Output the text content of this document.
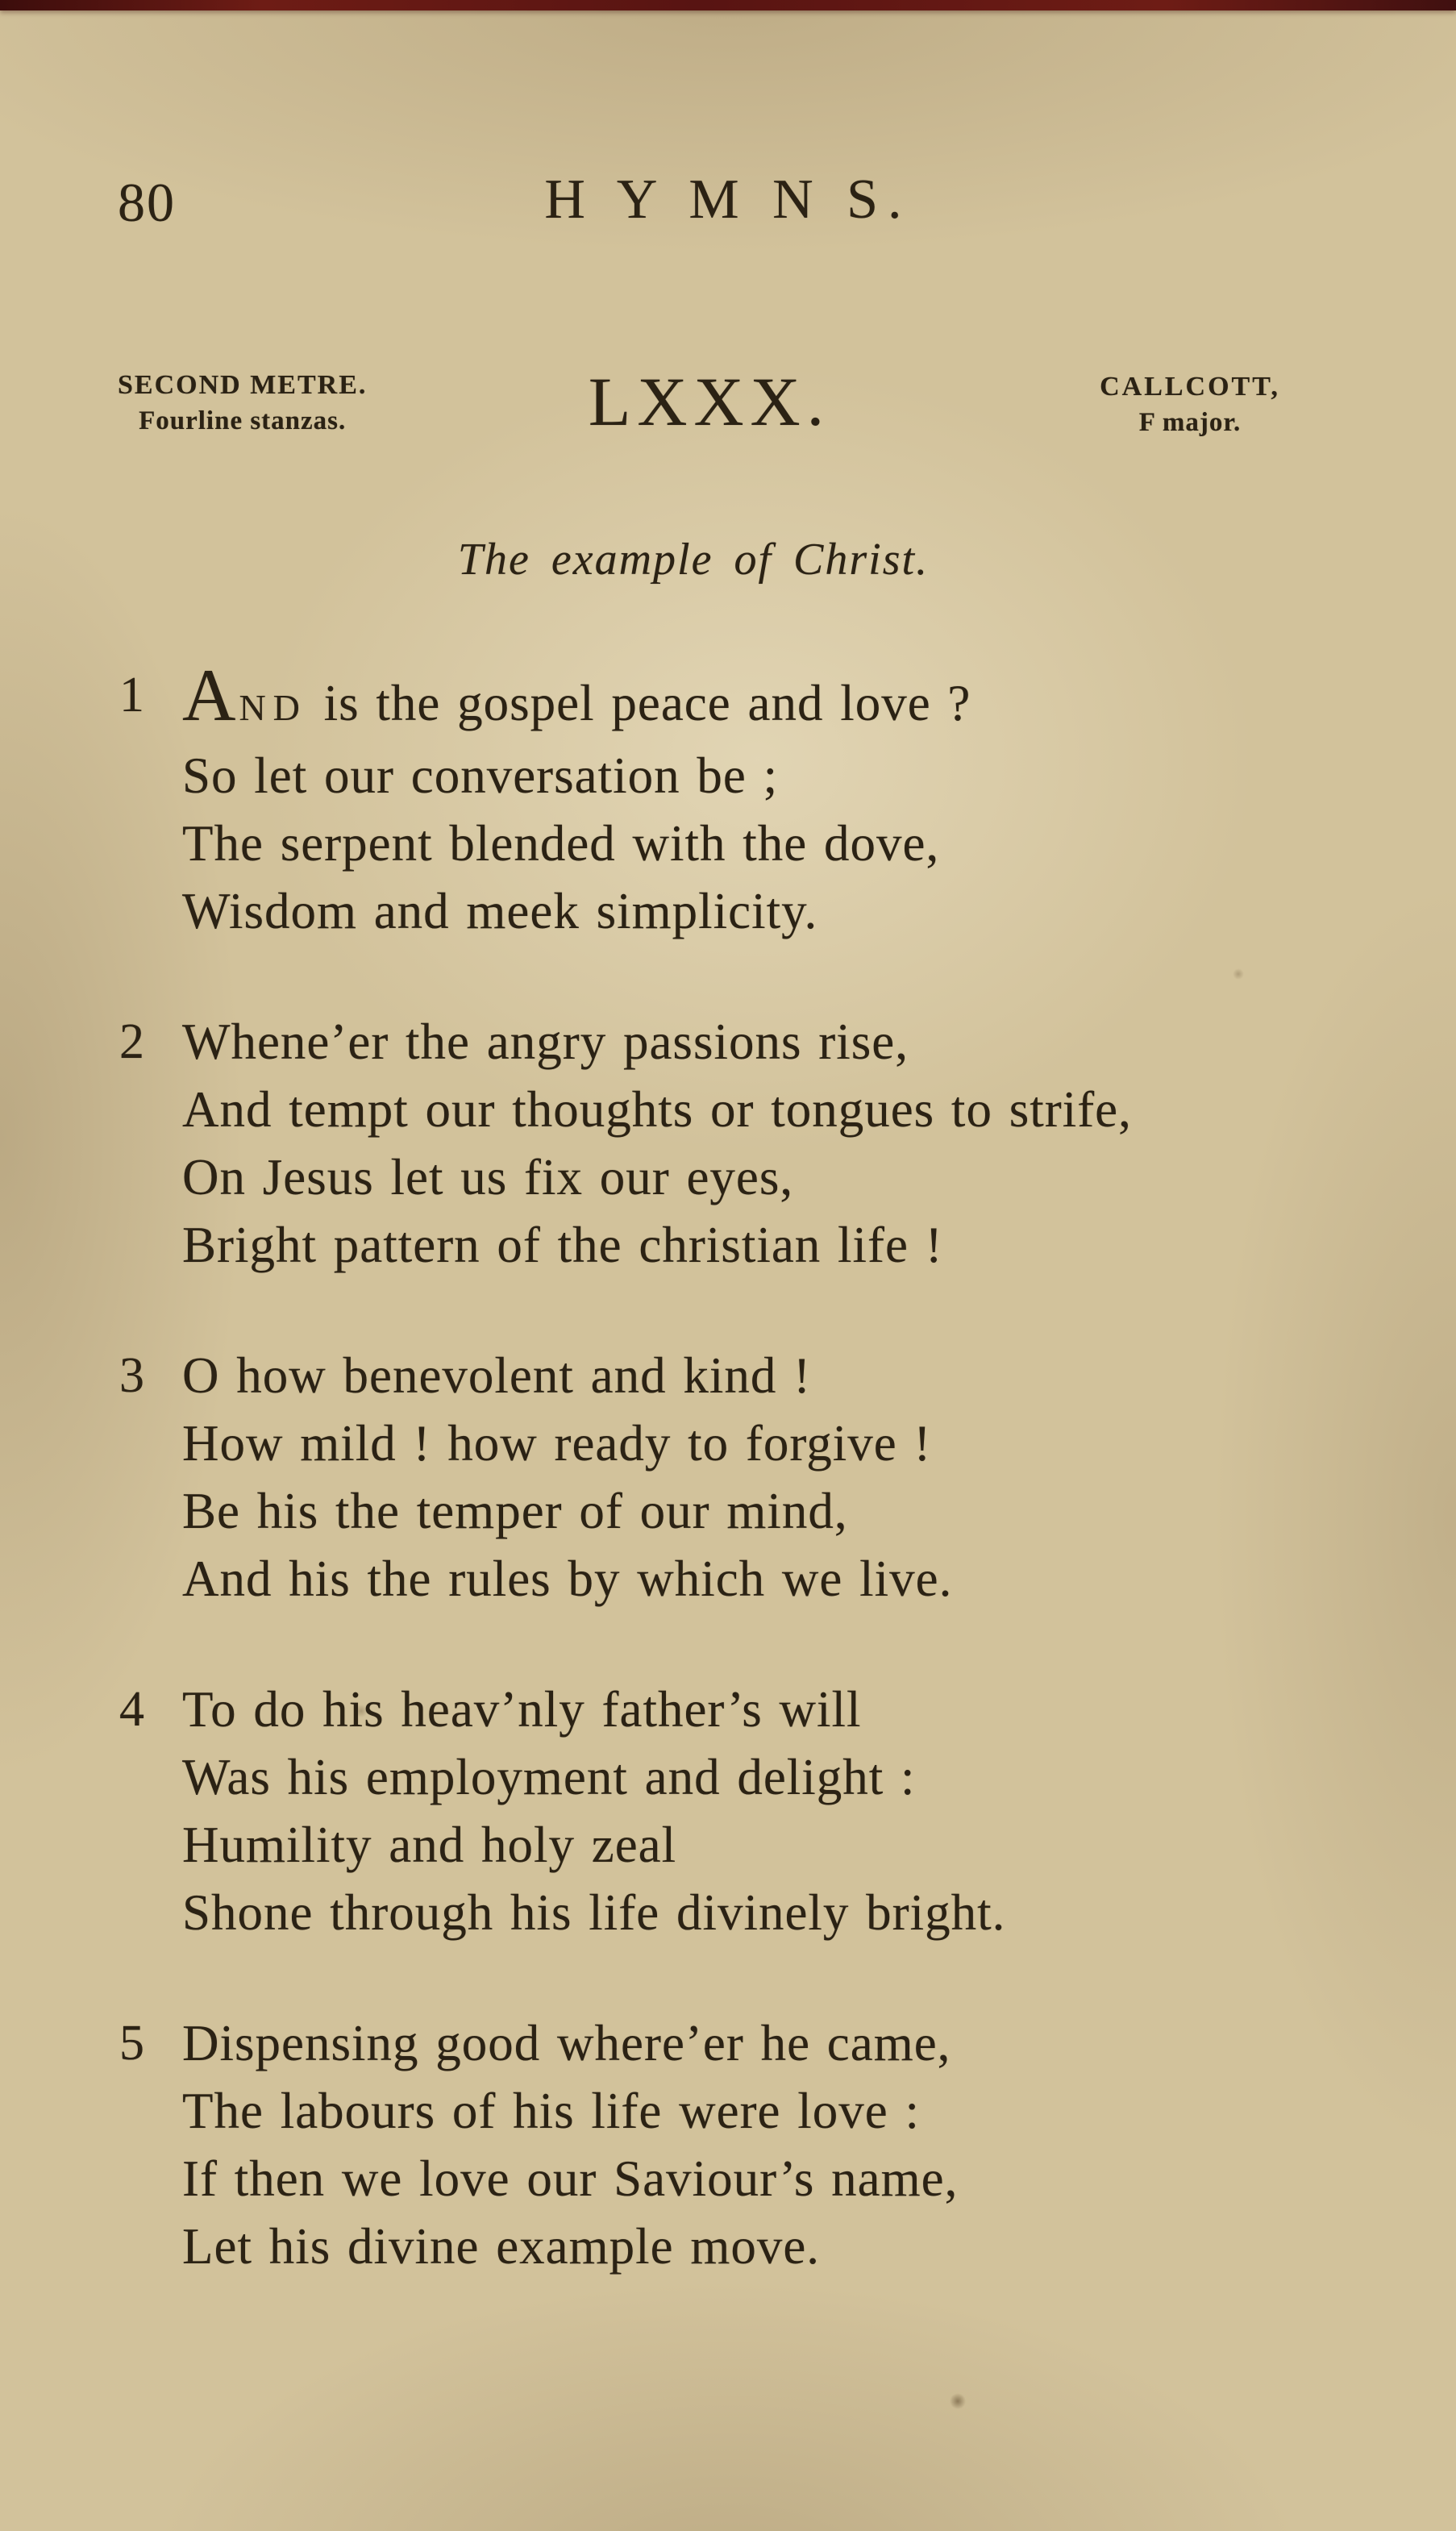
80	H Y M N S.
SECOND METRE.
Fourline stanzas.	LXXX.	CALLCOTT,
F major.
The example of Christ.
1 AND is the gospel peace and love ?
So let our conversation be ;
The serpent blended with the dove,
Wisdom and meek simplicity.
2 Whene’er the angry passions rise,
And tempt our thoughts or tongues to strife,
On Jesus let us fix our eyes,
Bright pattern of the christian life !
3 O how benevolent and kind !
How mild ! how ready to forgive !
Be his the temper of our mind,
And his the rules by which we live.
4 To do his heav’nly father’s will
Was his employment and delight :
Humility and holy zeal
Shone through his life divinely bright.
5 Dispensing good where’er he came,
The labours of his life were love :
If then we love our Saviour’s name,
Let his divine example move.
